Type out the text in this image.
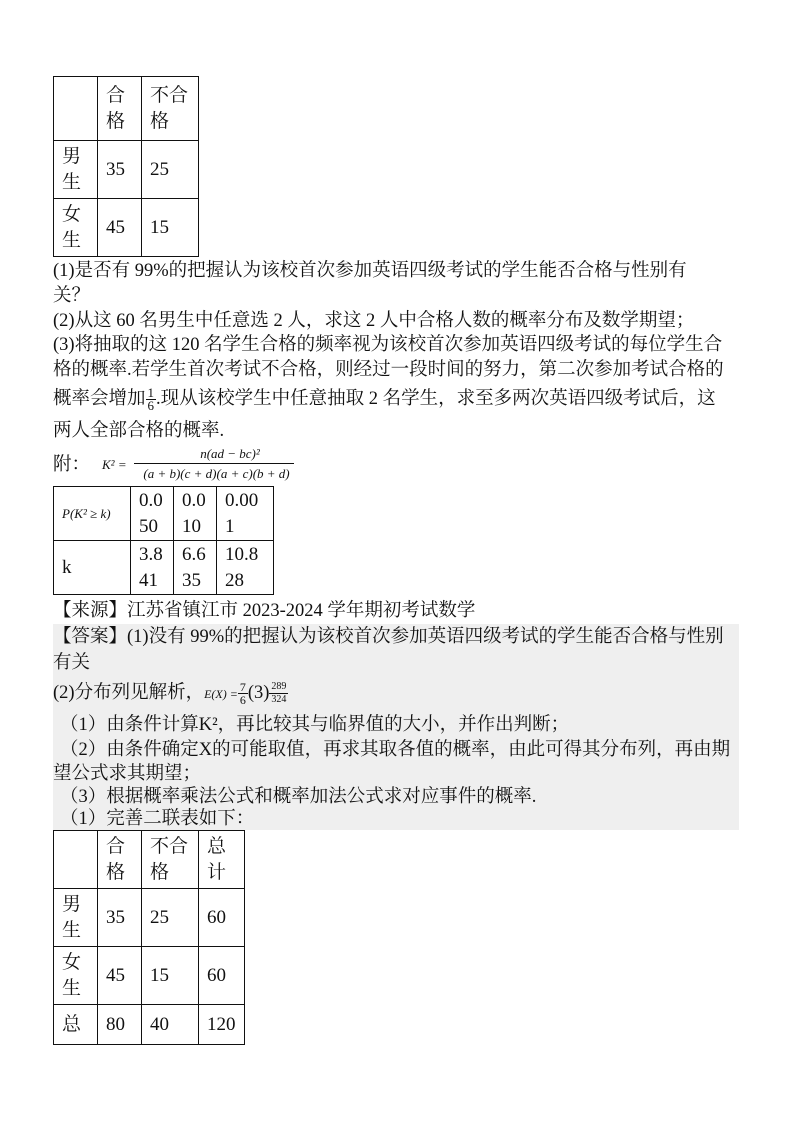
	合
格	不合
格

男
生	35	25

女
生	45	15
(1)是否有 99%的把握认为该校首次参加英语四级考试的学生能否合格与性别有
关？
(2)从这 60 名男生中任意选 2 人，求这 2 人中合格人数的概率分布及数学期望；
(3)将抽取的这 120 名学生合格的频率视为该校首次参加英语四级考试的每位学生合
格的概率.若学生首次考试不合格，则经过一段时间的努力，第二次参加考试合格的
概率会增加 $\frac{1}{6}$ .现从该校学生中任意抽取 2 名学生，求至多两次英语四级考试后，这
两人全部合格的概率.
附： K² =
n(ad − bc)²
(a + b)(c + d)(a + c)(b + d)
P(K² ≥ k)	0.0
50	0.0
10	0.00
1

k	3.8
41	6.6
35	10.8
28
【来源】江苏省镇江市 2023-2024 学年期初考试数学
【答案】(1)没有 99%的把握认为该校首次参加英语四级考试的学生能否合格与性别
有关
(2)分布列见解析，$E(X) = \frac{7}{6} (3) \frac{289}{324}$
（1）由条件计算K²，再比较其与临界值的大小，并作出判断；
（2）由条件确定X的可能取值，再求其取各值的概率，由此可得其分布列，再由期
望公式求其期望；
（3）根据概率乘法公式和概率加法公式求对应事件的概率.
（1）完善二联表如下：

	合
格	不合
格	总
计

男
生	35	25	60

女
生	45	15	60

总	80	40	120
